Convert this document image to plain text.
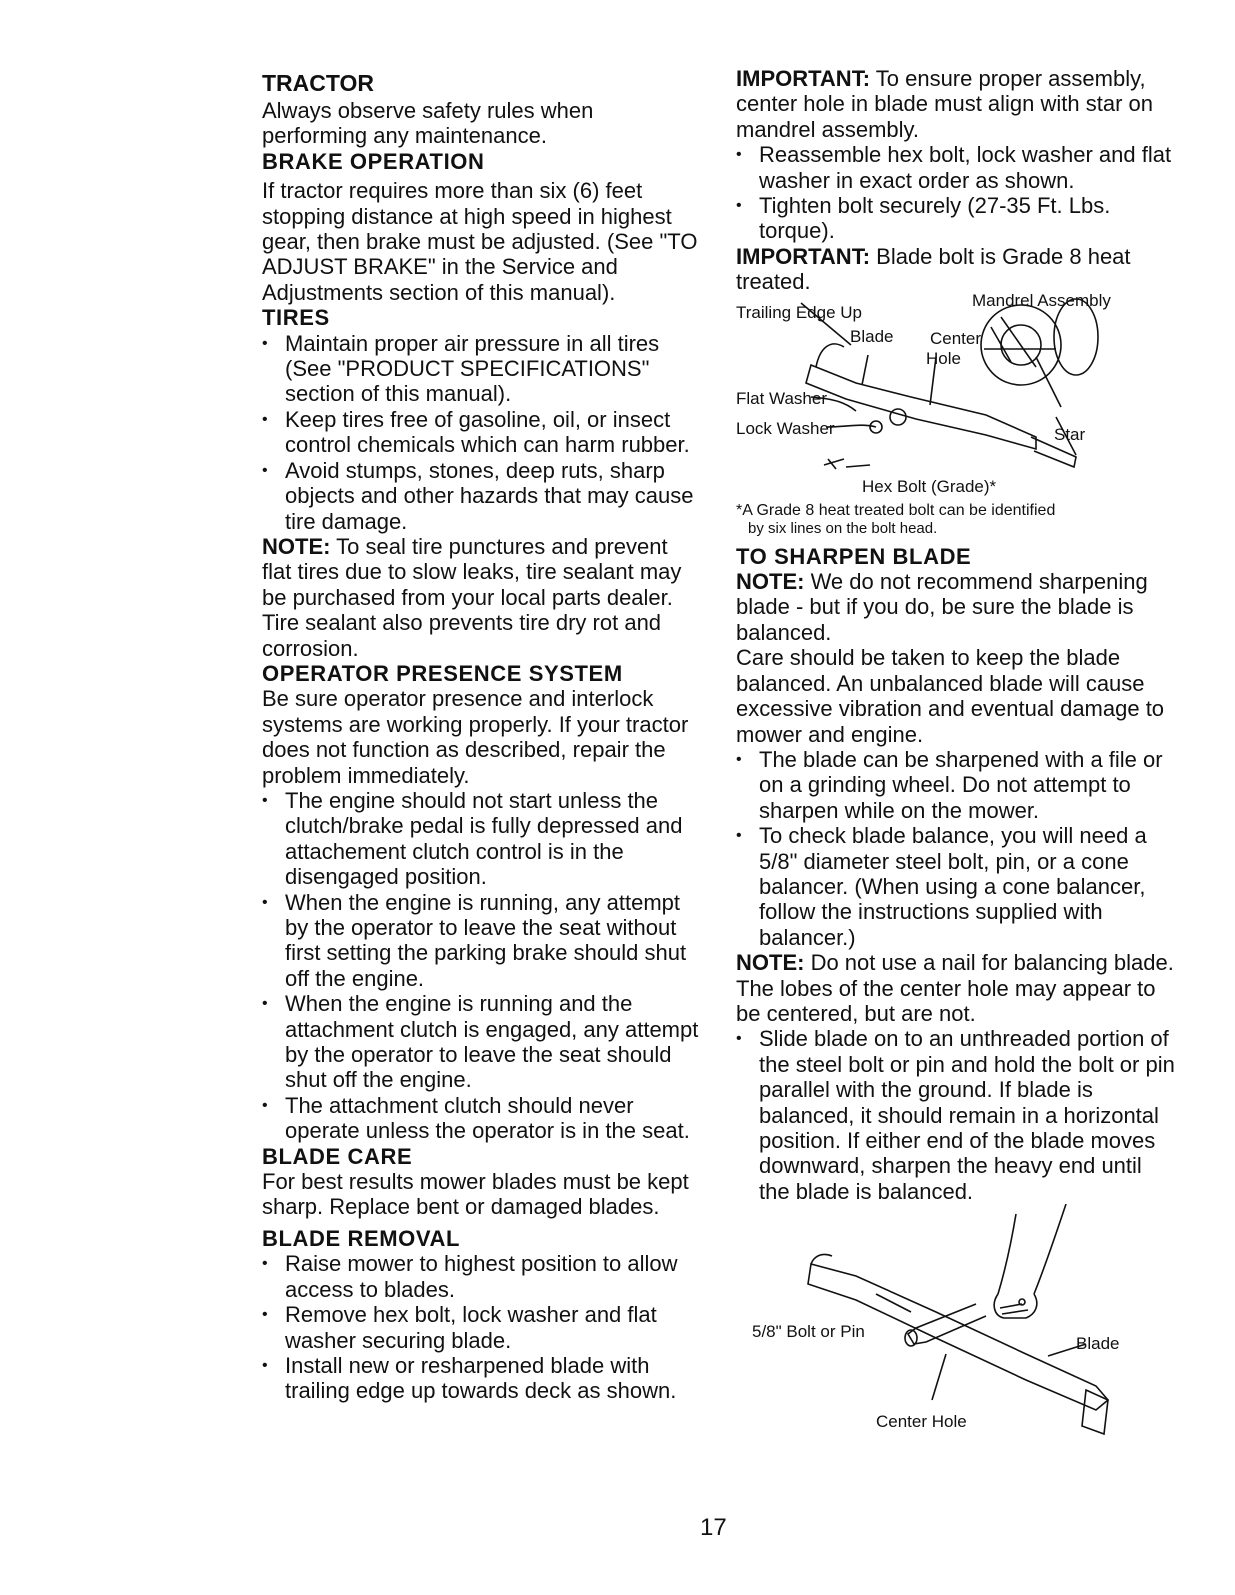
TRACTOR

Always observe safety rules when performing any maintenance.

BRAKE OPERATION

If tractor requires more than six (6) feet stopping distance at high speed in highest gear, then brake must be adjusted. (See "TO ADJUST BRAKE" in the Service and Adjustments section of this manual).

TIRES
• Maintain proper air pressure in all tires (See "PRODUCT SPECIFICATIONS" section of this manual).
• Keep tires free of gasoline, oil, or insect control chemicals which can harm rubber.
• Avoid stumps, stones, deep ruts, sharp objects and other hazards that may cause tire damage.

NOTE: To seal tire punctures and prevent flat tires due to slow leaks, tire sealant may be purchased from your local parts dealer. Tire sealant also prevents tire dry rot and corrosion.

OPERATOR PRESENCE SYSTEM

Be sure operator presence and interlock systems are working properly. If your tractor does not function as described, repair the problem immediately.

• The engine should not start unless the clutch/brake pedal is fully depressed and attachement clutch control is in the disengaged position.
• When the engine is running, any attempt by the operator to leave the seat without first setting the parking brake should shut off the engine.
• When the engine is running and the attachment clutch is engaged, any attempt by the operator to leave the seat should shut off the engine.
• The attachment clutch should never operate unless the operator is in the seat.
BLADE CARE

For best results mower blades must be kept sharp. Replace bent or damaged blades.

BLADE REMOVAL
• Raise mower to highest position to allow access to blades.
• Remove hex bolt, lock washer and flat washer securing blade.
• Install new or resharpened blade with trailing edge up towards deck as shown.

IMPORTANT: To ensure proper assembly, center hole in blade must align with star on mandrel assembly.

• Reassemble hex bolt, lock washer and flat washer in exact order as shown.
• Tighten bolt securely (27-35 Ft. Lbs. torque).

IMPORTANT: Blade bolt is Grade 8 heat treated.

Mandrel Assembly
Trailing Edge Up
Blade Center
Hole
Flat Washer
Lock Washer	Star
Hex Bolt (Grade)*

*A Grade 8 heat treated bolt can be identified

by six lines on the bolt head.

TO SHARPEN BLADE

NOTE: We do not recommend sharpening blade - but if you do, be sure the blade is balanced.

Care should be taken to keep the blade balanced. An unbalanced blade will cause excessive vibration and eventual damage to mower and engine.

• The blade can be sharpened with a file or on a grinding wheel. Do not attempt to sharpen while on the mower.
• To check blade balance, you will need a 5/8" diameter steel bolt, pin, or a cone balancer. (When using a cone balancer, follow the instructions supplied with balancer.)

NOTE: Do not use a nail for balancing blade. The lobes of the center hole may appear to be centered, but are not.

• Slide blade on to an unthreaded portion of the steel bolt or pin and hold the bolt or pin parallel with the ground. If blade is balanced, it should remain in a horizontal position. If either end of the blade moves downward, sharpen the heavy end until the blade is balanced.
5/8" Bolt or Pin
Blade
Center Hole
17
